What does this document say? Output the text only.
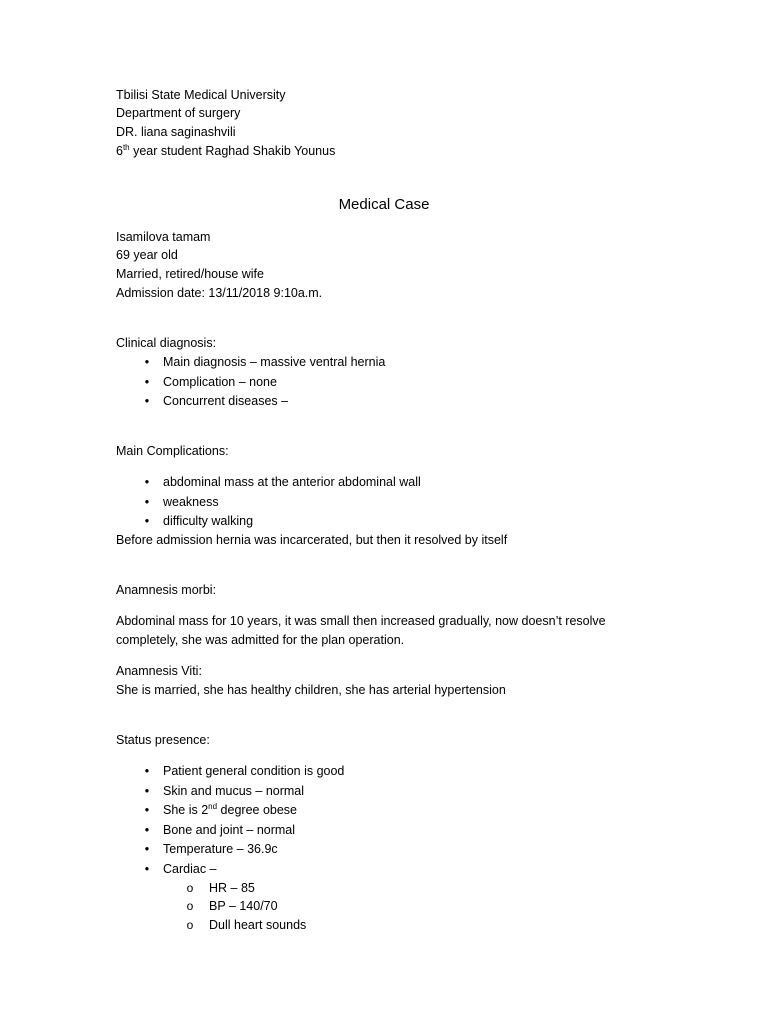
Tbilisi State Medical University
Department of surgery
DR. liana saginashvili
6th year student Raghad Shakib Younus
Medical Case
Isamilova tamam
69 year old
Married, retired/house wife
Admission date: 13/11/2018 9:10a.m.
Clinical diagnosis:
• Main diagnosis – massive ventral hernia
• Complication – none
• Concurrent diseases –
Main Complications:
• abdominal mass at the anterior abdominal wall
• weakness
• difficulty walking
Before admission hernia was incarcerated, but then it resolved by itself
Anamnesis morbi:
Abdominal mass for 10 years, it was small then increased gradually, now doesn’t resolve
completely, she was admitted for the plan operation.
Anamnesis Viti:
She is married, she has healthy children, she has arterial hypertension
Status presence:
• Patient general condition is good
• Skin and mucus – normal
• She is 2nd degree obese
• Bone and joint – normal
• Temperature – 36.9c
• Cardiac –
o HR – 85
o BP – 140/70
o Dull heart sounds
